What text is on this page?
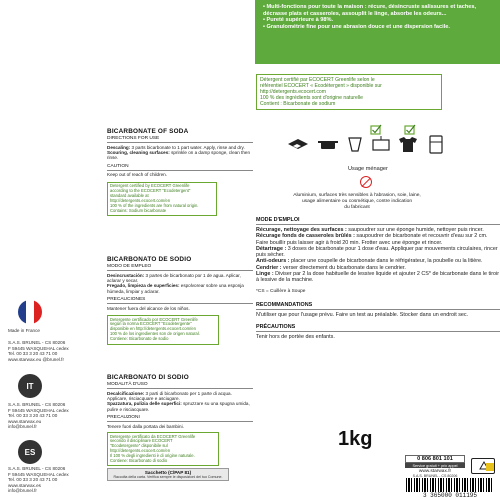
Made in France
S.A.S. BRUNEL - CS 80206
F 59445 WASQUEHAL cedex
Tel. 00 33 3 20 43 71 00
www.starwax.eu @brunel.fr
IT
S.A.S. BRUNEL - CS 80206
F 59445 WASQUEHAL cedex
Tel. 00 33 3 20 43 71 00
www.starwax.eu
info@brunel.fr
ES
S.A.S. BRUNEL - CS 80206
F 59445 WASQUEHAL cedex
Tel. 00 33 3 20 43 71 00
www.starwax.es
info@brunel.fr
BICARBONATE OF SODA
DIRECTIONS FOR USE
Descaling: 3 parts bicarbonate to 1 part water. Apply, rinse and dry.
Scouring, cleaning surfaces: sprinkle on a damp sponge, clean then rinse.
CAUTION
Keep out of reach of children.
Detergent certified by ECOCERT Greenlife
according to the ECOCERT "Ecodetergent"
standard available at
http://detergents.ecocert.com/en
100 % of the ingredients are from natural origin.
Contains: Sodium bicarbonate
BICARBONATO DE SODIO
MODO DE EMPLEO
Desincrustación: 3 partes de bicarbonato por 1 de agua. Aplicar, aclarar y secar.
Fregado, limpieza de superficies: espolvorear sobre una esponja húmeda, limpiar y aclarar.
PRECAUCIONES
Mantener fuera del alcance de los niños.
Detergente certificado por ECOCERT Greenlife
según la norma ECOCERT "Ecodetergente"
disponible en http://detergents.ecocert.com/en
100 % de los ingredientes son de origen natural.
Contiene: Bicarbonato de sodio
BICARBONATO DI SODIO
MODALITÀ D'USO
Decalcificazione: 3 parti di bicarbonato per 1 parte di acqua. Applicare, risciacquare e asciugare.
Spazzatura, pulizia delle superfici: spruzzare su una spugna umida, pulire e risciacquare.
PRECAUZIONI
Tenere fuori dalla portata dei bambini.
Detergente certificato da ECOCERT Greenlife
secondo il disciplinare ECOCERT
"Ecodetergente" disponibile sul
http://detergents.ecocert.com/en
Il 100 % degli ingredienti è di origine naturale.
Contiene: Bicarbonato di sodio
Sacchetto (C/PAP 81)
Raccolta della carta. Verifica sempre le disposizioni del tuo Comune.
• Multi-fonctions pour toute la maison : récure, désincruste salissures et taches, décrasse plats et casseroles, assouplit le linge, absorbe les odeurs...
• Pureté supérieure à 98%.
• Granulométrie fine pour une abrasion douce et une dispersion facile.
Détergent certifié par ECOCERT Greenlife selon le
référentiel ECOCERT « Ecodétergent » disponible sur
http://detergents.ecocert.com
100 % des ingrédients sont d'origine naturelle
Contient : Bicarbonate de sodium
Usage ménager
Aluminium, surfaces très sensibles à l'abrasion, soie, laine,
usage alimentaire ou cosmétique, contre indication
du fabricant
MODE D'EMPLOI
Récurage, nettoyage des surfaces : saupoudrer sur une éponge humide, nettoyer puis rincer.
Récurage fonds de casseroles brûlés : saupoudrer de bicarbonate et recouvrir d'eau sur 2 cm. Faire bouillir puis laisser agir à froid 20 min. Frotter avec une éponge et rincer.
Détartrage : 3 doses de bicarbonate pour 1 dose d'eau. Appliquer par mouvements circulaires, rincer puis sécher.
Anti-odeurs : placer une coupelle de bicarbonate dans le réfrigérateur, la poubelle ou la litière.
Cendrier : verser directement du bicarbonate dans le cendrier.
Linge : Diviser par 2 la dose habituelle de lessive liquide et ajouter 2 CS* de bicarbonate dans le tiroir à lessive de la machine.
*CS = Cuillère à Soupe
RECOMMANDATIONS
N'utiliser que pour l'usage prévu. Faire un test au préalable. Stocker dans un endroit sec.
PRÉCAUTIONS
Tenir hors de portée des enfants.
1kg
0 806 801 101
Service gratuit + prix appel
www.starwax.fr
S.A.S. BRUNEL - CS 80206
3 365000 011195
